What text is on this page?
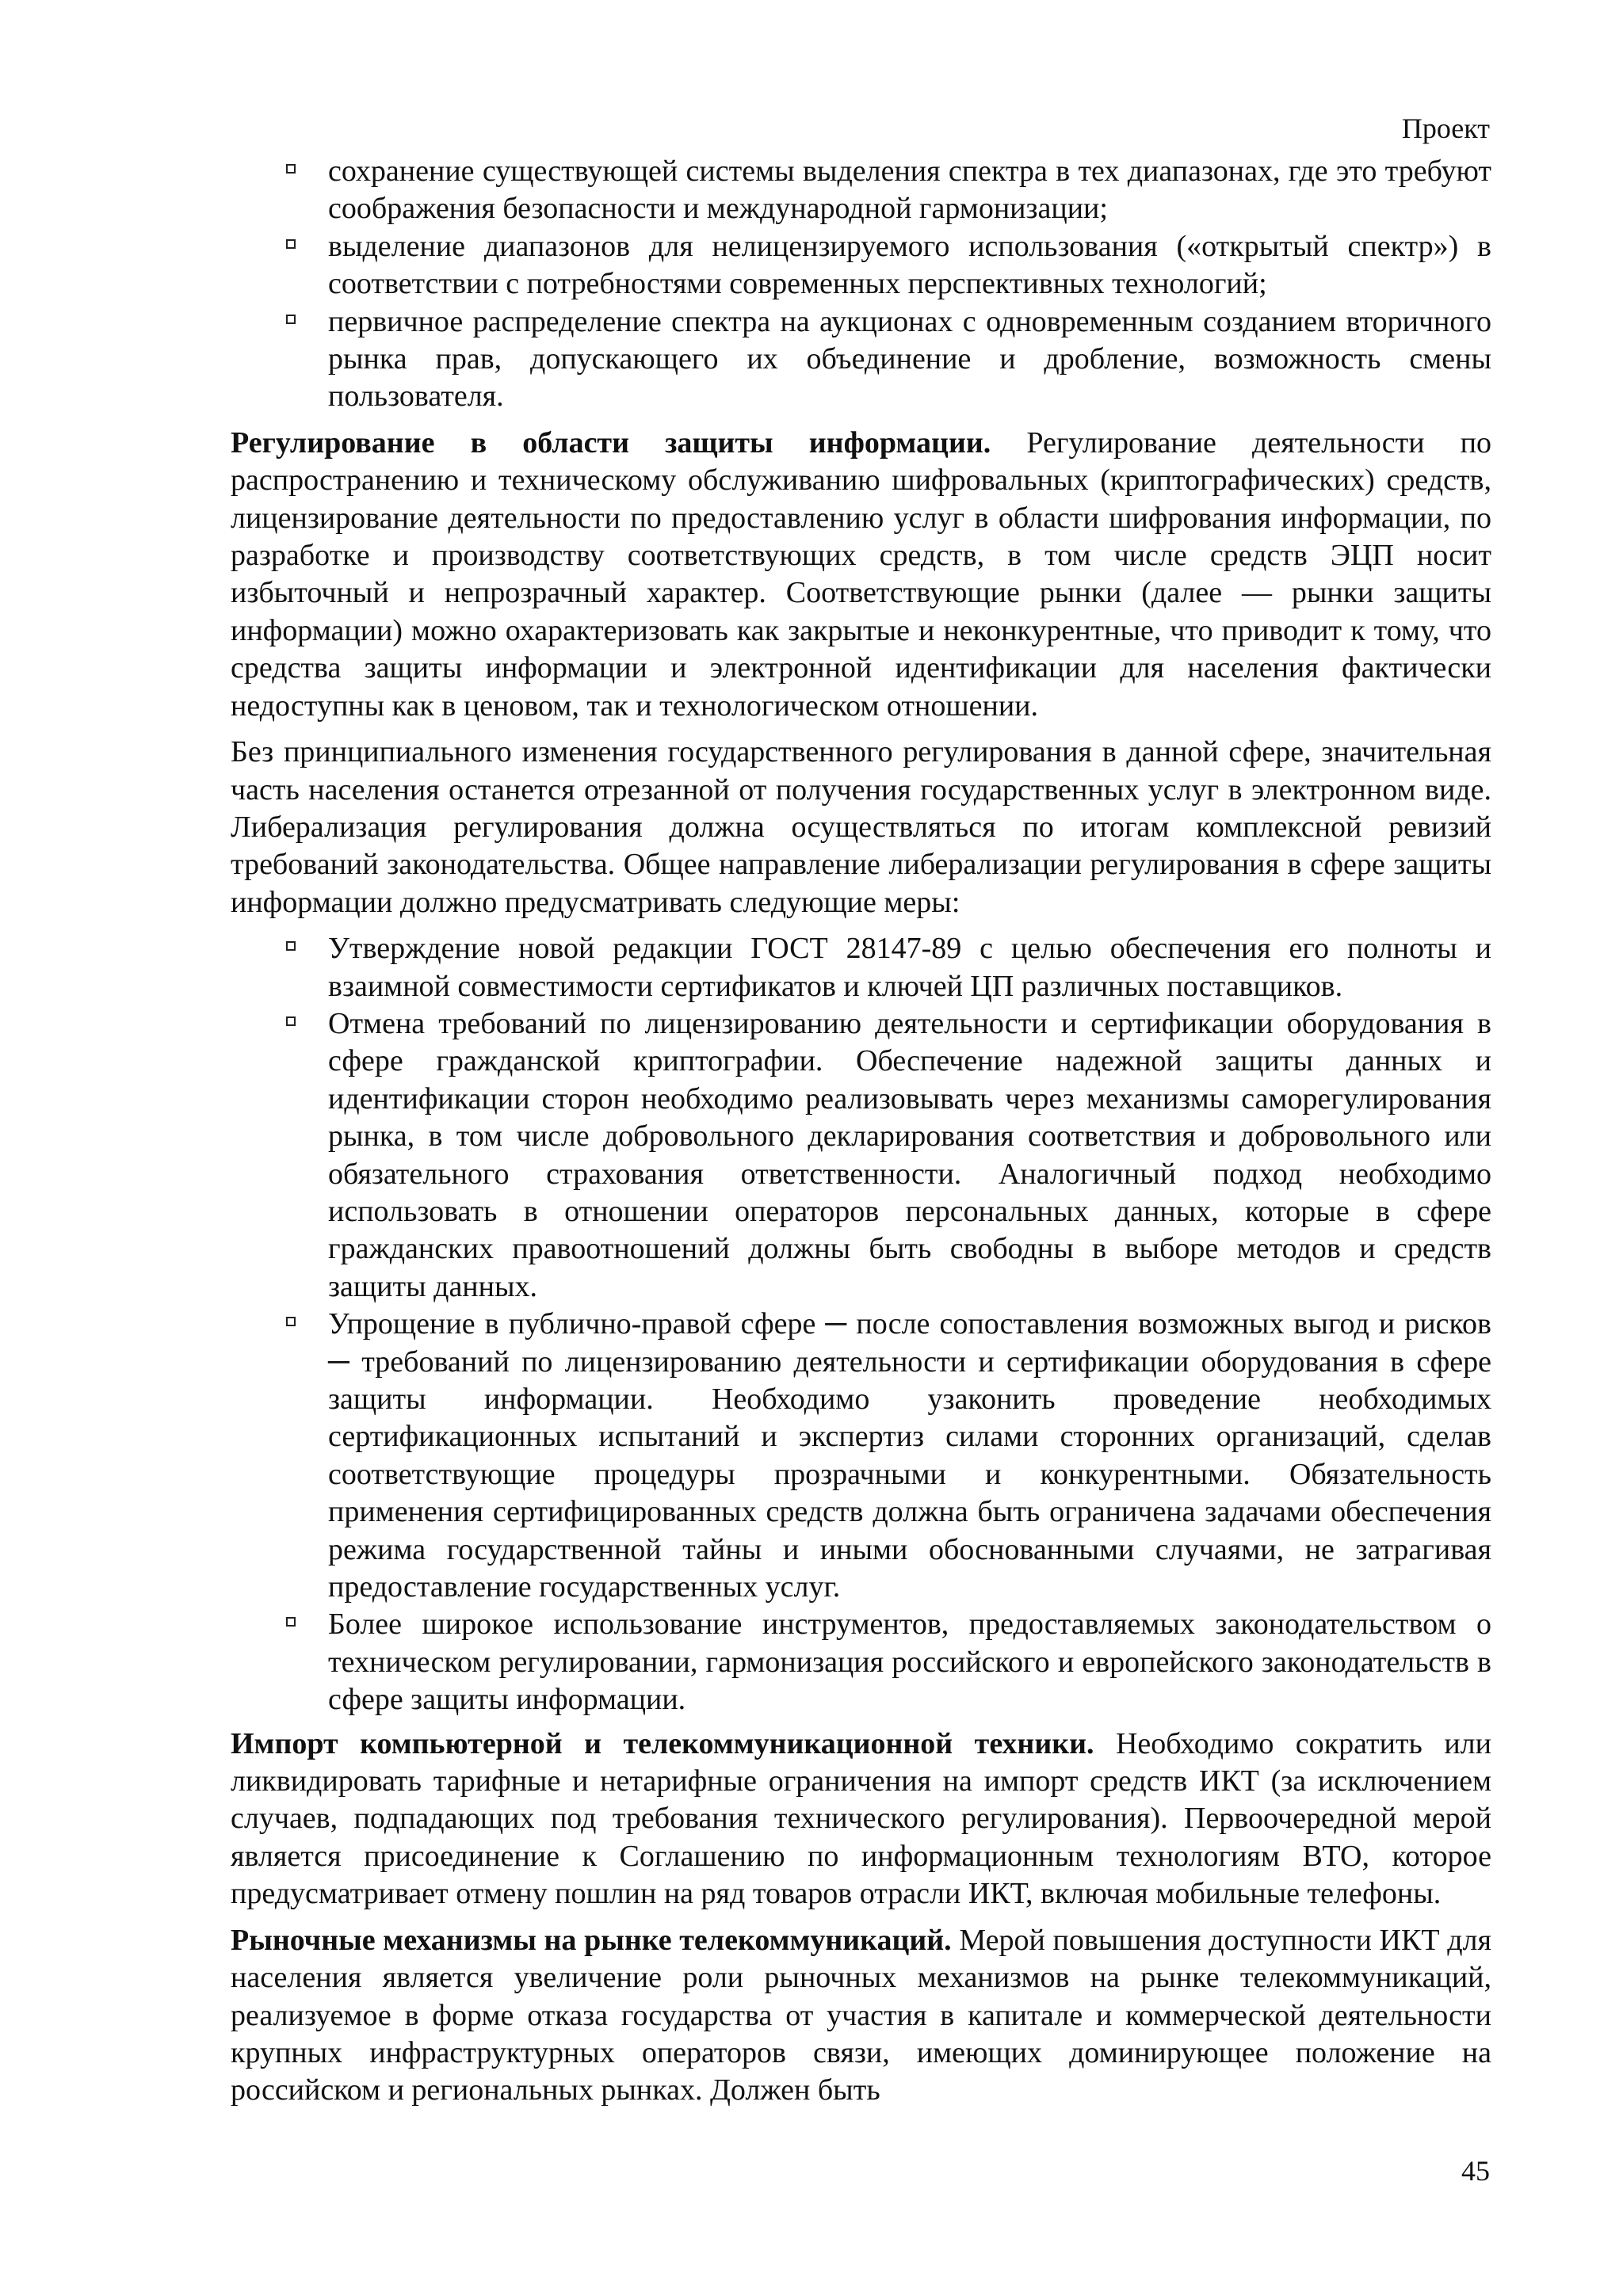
Проект
сохранение существующей системы выделения спектра в тех диапазонах, где это требуют соображения безопасности и международной гармонизации;
выделение диапазонов для нелицензируемого использования («открытый спектр») в соответствии с потребностями современных перспективных технологий;
первичное распределение спектра на аукционах с одновременным созданием вторичного рынка прав, допускающего их объединение и дробление, возможность смены пользователя.

Регулирование в области защиты информации. Регулирование деятельности по распространению и техническому обслуживанию шифровальных (криптографических) средств, лицензирование деятельности по предоставлению услуг в области шифрования информации, по разработке и производству соответствующих средств, в том числе средств ЭЦП носит избыточный и непрозрачный характер. Соответствующие рынки (далее — рынки защиты информации) можно охарактеризовать как закрытые и неконкурентные, что приводит к тому, что средства защиты информации и электронной идентификации для населения фактически недоступны как в ценовом, так и технологическом отношении.

Без принципиального изменения государственного регулирования в данной сфере, значительная часть населения останется отрезанной от получения государственных услуг в электронном виде. Либерализация регулирования должна осуществляться по итогам комплексной ревизий требований законодательства. Общее направление либерализации регулирования в сфере защиты информации должно предусматривать следующие меры:

Утверждение новой редакции ГОСТ 28147-89 с целью обеспечения его полноты и взаимной совместимости сертификатов и ключей ЦП различных поставщиков.
Отмена требований по лицензированию деятельности и сертификации оборудования в сфере гражданской криптографии. Обеспечение надежной защиты данных и идентификации сторон необходимо реализовывать через механизмы саморегулирования рынка, в том числе добровольного декларирования соответствия и добровольного или обязательного страхования ответственности. Аналогичный подход необходимо использовать в отношении операторов персональных данных, которые в сфере гражданских правоотношений должны быть свободны в выборе методов и средств защиты данных.
Упрощение в публично-правой сфере ─ после сопоставления возможных выгод и рисков ─ требований по лицензированию деятельности и сертификации оборудования в сфере защиты информации. Необходимо узаконить проведение необходимых сертификационных испытаний и экспертиз силами сторонних организаций, сделав соответствующие процедуры прозрачными и конкурентными. Обязательность применения сертифицированных средств должна быть ограничена задачами обеспечения режима государственной тайны и иными обоснованными случаями, не затрагивая предоставление государственных услуг.
Более широкое использование инструментов, предоставляемых законодательством о техническом регулировании, гармонизация российского и европейского законодательств в сфере защиты информации.

Импорт компьютерной и телекоммуникационной техники. Необходимо сократить или ликвидировать тарифные и нетарифные ограничения на импорт средств ИКТ (за исключением случаев, подпадающих под требования технического регулирования). Первоочередной мерой является присоединение к Соглашению по информационным технологиям ВТО, которое предусматривает отмену пошлин на ряд товаров отрасли ИКТ, включая мобильные телефоны.

Рыночные механизмы на рынке телекоммуникаций. Мерой повышения доступности ИКТ для населения является увеличение роли рыночных механизмов на рынке телекоммуникаций, реализуемое в форме отказа государства от участия в капитале и коммерческой деятельности крупных инфраструктурных операторов связи, имеющих доминирующее положение на российском и региональных рынках. Должен быть

45
